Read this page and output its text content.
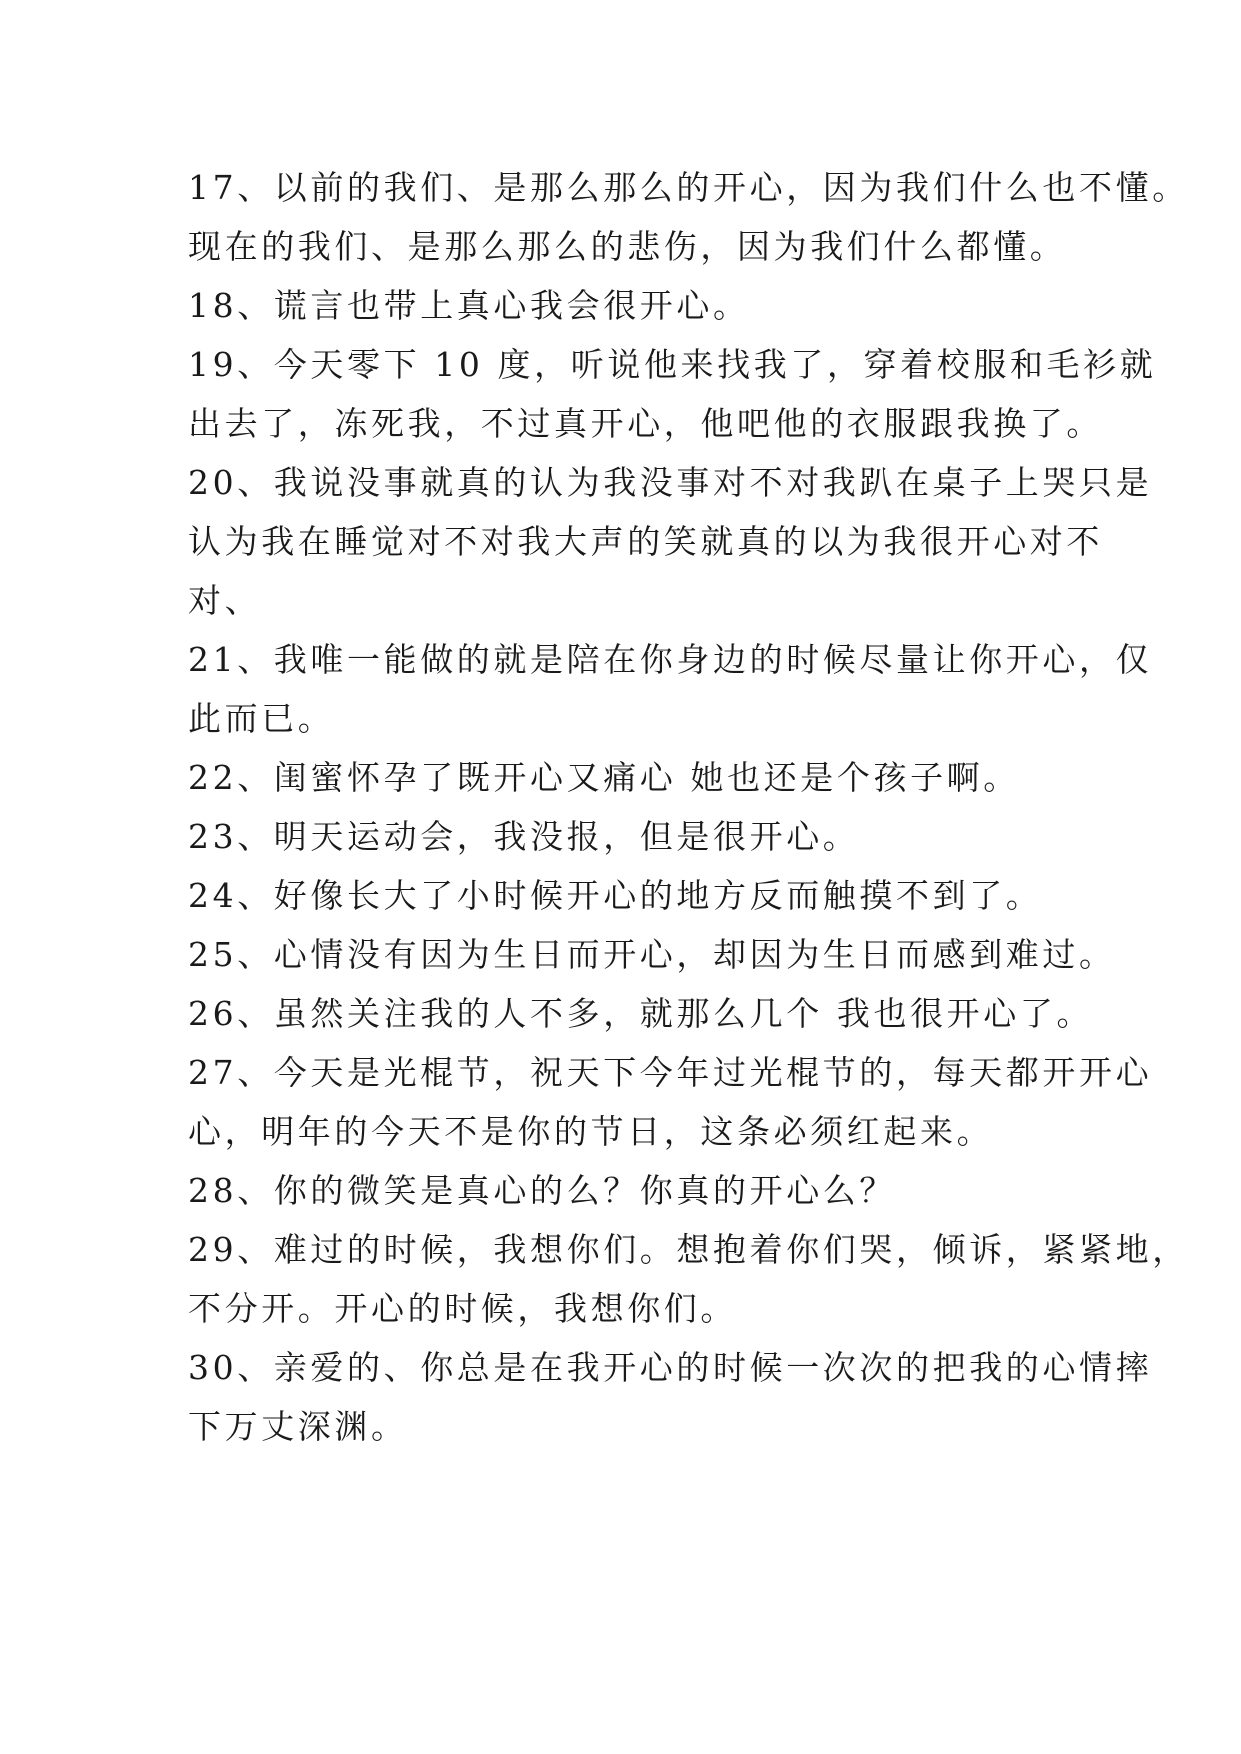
17、以前的我们、是那么那么的开心，因为我们什么也不懂。

现在的我们、是那么那么的悲伤，因为我们什么都懂。

18、谎言也带上真心我会很开心。

19、今天零下 10 度，听说他来找我了，穿着校服和毛衫就

出去了，冻死我，不过真开心，他吧他的衣服跟我换了。

20、我说没事就真的认为我没事对不对我趴在桌子上哭只是

认为我在睡觉对不对我大声的笑就真的以为我很开心对不

对、

21、我唯一能做的就是陪在你身边的时候尽量让你开心，仅

此而已。

22、闺蜜怀孕了既开心又痛心 她也还是个孩子啊。

23、明天运动会，我没报，但是很开心。

24、好像长大了小时候开心的地方反而触摸不到了。

25、心情没有因为生日而开心，却因为生日而感到难过。

26、虽然关注我的人不多，就那么几个 我也很开心了。

27、今天是光棍节，祝天下今年过光棍节的，每天都开开心

心，明年的今天不是你的节日，这条必须红起来。

28、你的微笑是真心的么？你真的开心么？

29、难过的时候，我想你们。想抱着你们哭，倾诉，紧紧地，

不分开。开心的时候，我想你们。

30、亲爱的、你总是在我开心的时候一次次的把我的心情摔

下万丈深渊。
